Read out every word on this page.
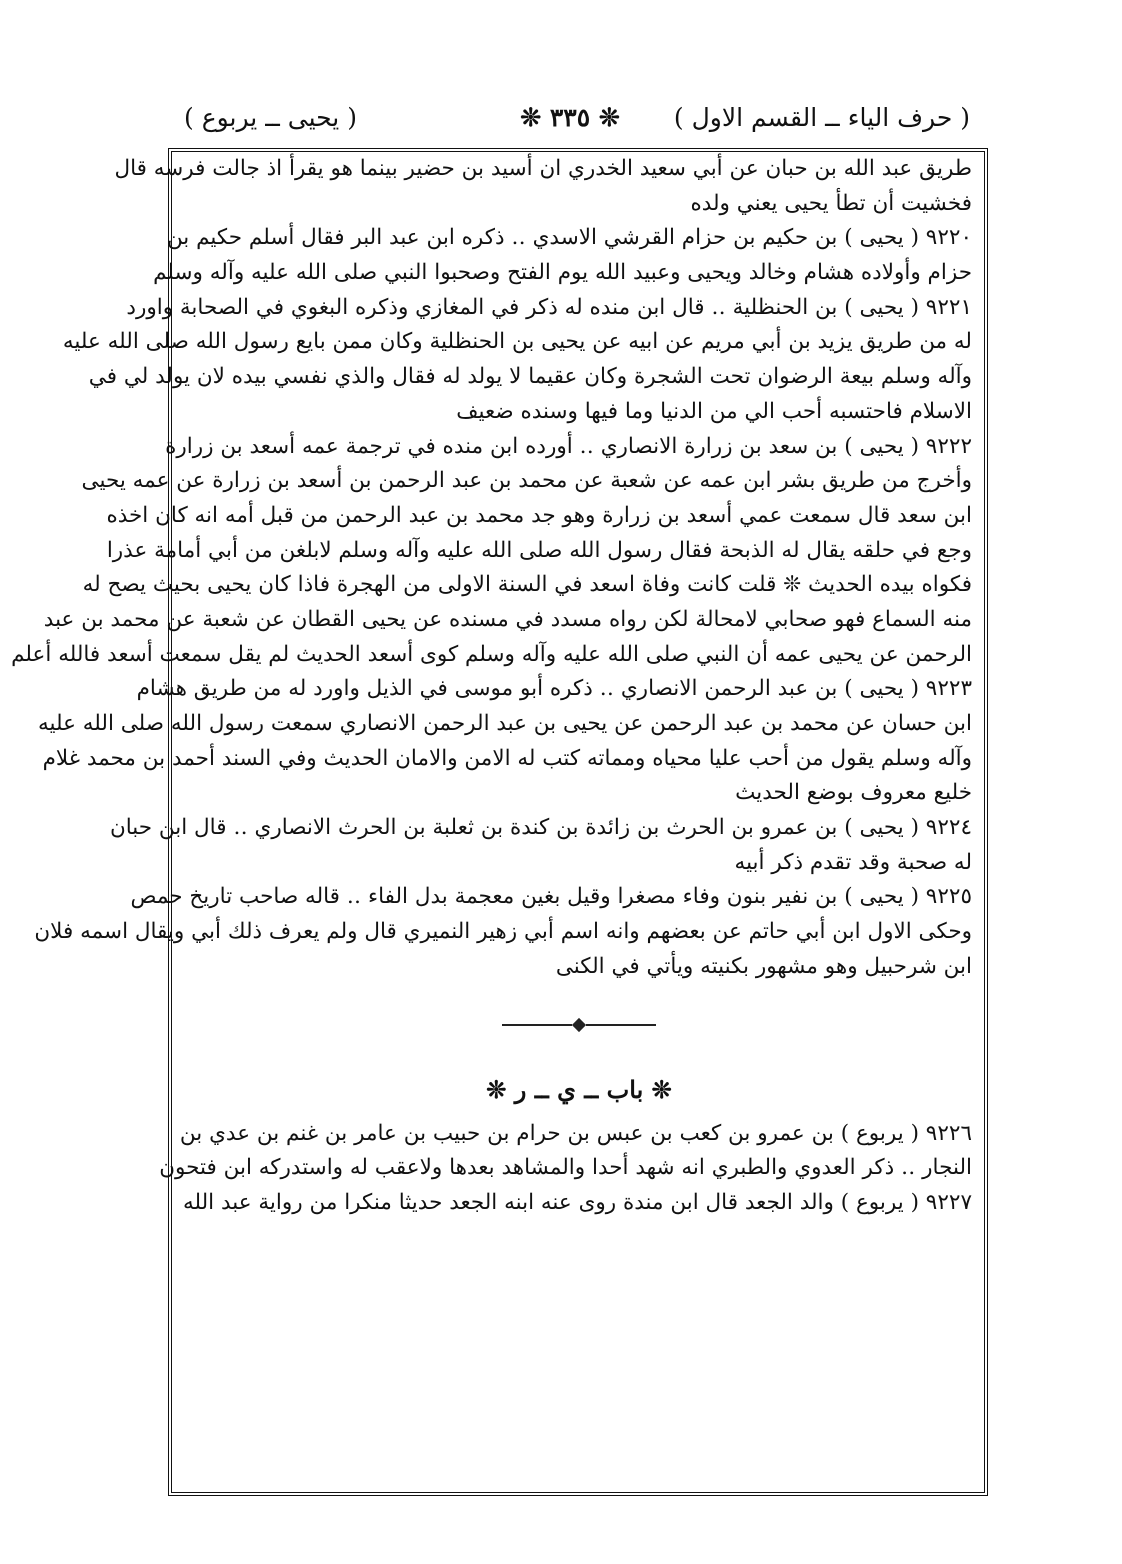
( حرف الياء ــ القسم الاول )
❊ ٣٣٥ ❊
( يحيى ــ يربوع )
طريق عبد الله بن حبان عن أبي سعيد الخدري ان أسيد بن حضير بينما هو يقرأ اذ جالت فرسه قال
فخشيت أن تطأ يحيى يعني ولده
٩٢٢٠ ( يحيى ) بن حكيم بن حزام القرشي الاسدي ‥ ذكره ابن عبد البر فقال أسلم حكيم بن
حزام وأولاده هشام وخالد ويحيى وعبيد الله يوم الفتح وصحبوا النبي صلى الله عليه وآله وسلم
٩٢٢١ ( يحيى ) بن الحنظلية ‥ قال ابن منده له ذكر في المغازي وذكره البغوي في الصحابة واورد
له من طريق يزيد بن أبي مريم عن ابيه عن يحيى بن الحنظلية وكان ممن بايع رسول الله صلى الله عليه
وآله وسلم بيعة الرضوان تحت الشجرة وكان عقيما لا يولد له فقال والذي نفسي بيده لان يولد لي في
الاسلام فاحتسبه أحب الي من الدنيا وما فيها وسنده ضعيف
٩٢٢٢ ( يحيى ) بن سعد بن زرارة الانصاري ‥ أورده ابن منده في ترجمة عمه أسعد بن زرارة
وأخرج من طريق بشر ابن عمه عن شعبة عن محمد بن عبد الرحمن بن أسعد بن زرارة عن عمه يحيى
ابن سعد قال سمعت عمي أسعد بن زرارة وهو جد محمد بن عبد الرحمن من قبل أمه انه كان اخذه
وجع في حلقه يقال له الذبحة فقال رسول الله صلى الله عليه وآله وسلم لابلغن من أبي أمامة عذرا
فكواه بيده الحديث ❊ قلت كانت وفاة اسعد في السنة الاولى من الهجرة فاذا كان يحيى بحيث يصح له
منه السماع فهو صحابي لامحالة لكن رواه مسدد في مسنده عن يحيى القطان عن شعبة عن محمد بن عبد
الرحمن عن يحيى عمه أن النبي صلى الله عليه وآله وسلم كوى أسعد الحديث لم يقل سمعت أسعد فالله أعلم
٩٢٢٣ ( يحيى ) بن عبد الرحمن الانصاري ‥ ذكره أبو موسى في الذيل واورد له من طريق هشام
ابن حسان عن محمد بن عبد الرحمن عن يحيى بن عبد الرحمن الانصاري سمعت رسول الله صلى الله عليه
وآله وسلم يقول من أحب عليا محياه ومماته كتب له الامن والامان الحديث وفي السند أحمد بن محمد غلام
خليع معروف بوضع الحديث
٩٢٢٤ ( يحيى ) بن عمرو بن الحرث بن زائدة بن كندة بن ثعلبة بن الحرث الانصاري ‥ قال ابن حبان
له صحبة وقد تقدم ذكر أبيه
٩٢٢٥ ( يحيى ) بن نفير بنون وفاء مصغرا وقيل بغين معجمة بدل الفاء ‥ قاله صاحب تاريخ حمص
وحكى الاول ابن أبي حاتم عن بعضهم وانه اسم أبي زهير النميري قال ولم يعرف ذلك أبي ويقال اسمه فلان
ابن شرحبيل وهو مشهور بكنيته ويأتي في الكنى
❊ باب ــ ي ــ ر ❊
٩٢٢٦ ( يربوع ) بن عمرو بن كعب بن عبس بن حرام بن حبيب بن عامر بن غنم بن عدي بن
النجار ‥ ذكر العدوي والطبري انه شهد أحدا والمشاهد بعدها ولاعقب له واستدركه ابن فتحون
٩٢٢٧ ( يربوع ) والد الجعد قال ابن مندة روى عنه ابنه الجعد حديثا منكرا من رواية عبد الله
